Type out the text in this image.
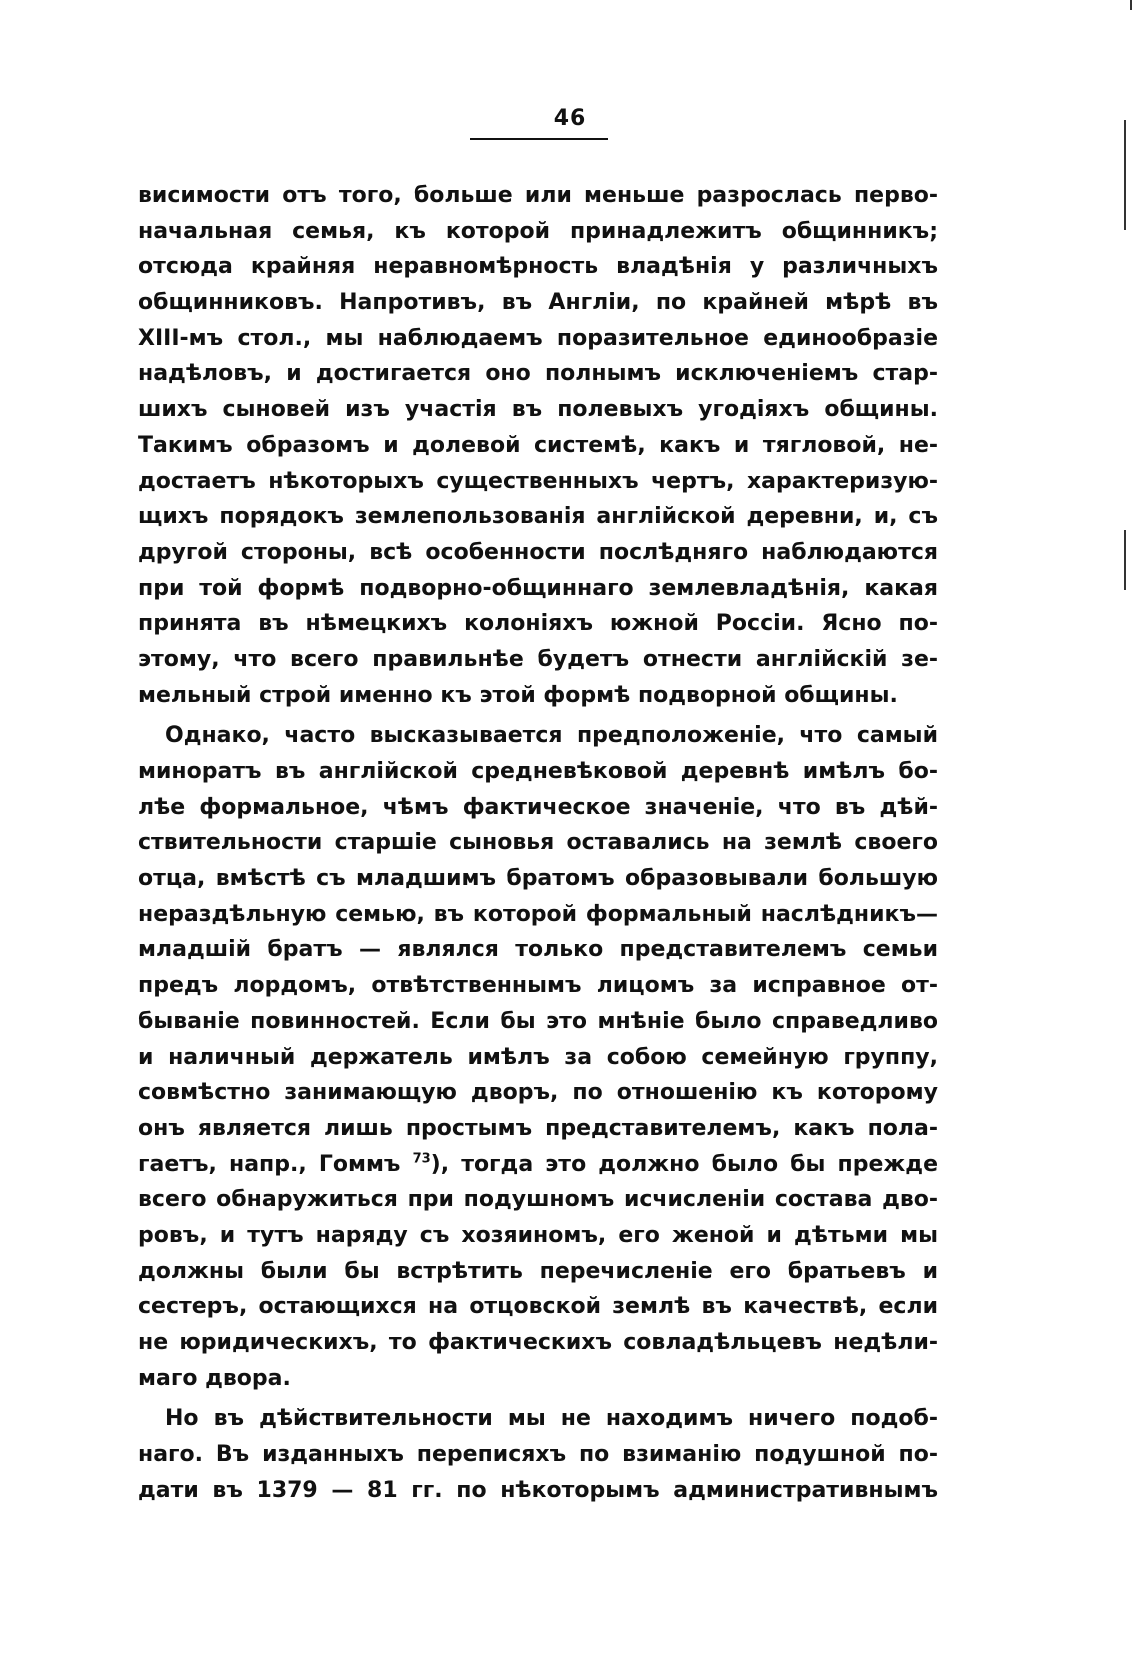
46
висимости отъ того, больше или меньше разрослась перво-
начальная семья, къ которой принадлежитъ общинникъ;
отсюда крайняя неравномѣрность владѣнія у различныхъ
общинниковъ. Напротивъ, въ Англіи, по крайней мѣрѣ въ
XIII-мъ стол., мы наблюдаемъ поразительное единообразіе
надѣловъ, и достигается оно полнымъ исключеніемъ стар-
шихъ сыновей изъ участія въ полевыхъ угодіяхъ общины.
Такимъ образомъ и долевой системѣ, какъ и тягловой, не-
достаетъ нѣкоторыхъ существенныхъ чертъ, характеризую-
щихъ порядокъ землепользованія англійской деревни, и, съ
другой стороны, всѣ особенности послѣдняго наблюдаются
при той формѣ подворно-общиннаго землевладѣнія, какая
принята въ нѣмецкихъ колоніяхъ южной Россіи. Ясно по-
этому, что всего правильнѣе будетъ отнести англійскій зе-
мельный строй именно къ этой формѣ подворной общины.
Однако, часто высказывается предположеніе, что самый
миноратъ въ англійской средневѣковой деревнѣ имѣлъ бо-
лѣе формальное, чѣмъ фактическое значеніе, что въ дѣй-
ствительности старшіе сыновья оставались на землѣ своего
отца, вмѣстѣ съ младшимъ братомъ образовывали большую
нераздѣльную семью, въ которой формальный наслѣдникъ—
младшій братъ — являлся только представителемъ семьи
предъ лордомъ, отвѣтственнымъ лицомъ за исправное от-
бываніе повинностей. Если бы это мнѣніе было справедливо
и наличный держатель имѣлъ за собою семейную группу,
совмѣстно занимающую дворъ, по отношенію къ которому
онъ является лишь простымъ представителемъ, какъ пола-
гаетъ, напр., Гоммъ $^{73}$), тогда это должно было бы прежде
всего обнаружиться при подушномъ исчисленіи состава дво-
ровъ, и тутъ наряду съ хозяиномъ, его женой и дѣтьми мы
должны были бы встрѣтить перечисленіе его братьевъ и
сестеръ, остающихся на отцовской землѣ въ качествѣ, если
не юридическихъ, то фактическихъ совладѣльцевъ недѣли-
маго двора.
Но въ дѣйствительности мы не находимъ ничего подоб-
наго. Въ изданныхъ переписяхъ по взиманію подушной по-
дати въ 1379 — 81 гг. по нѣкоторымъ административнымъ
